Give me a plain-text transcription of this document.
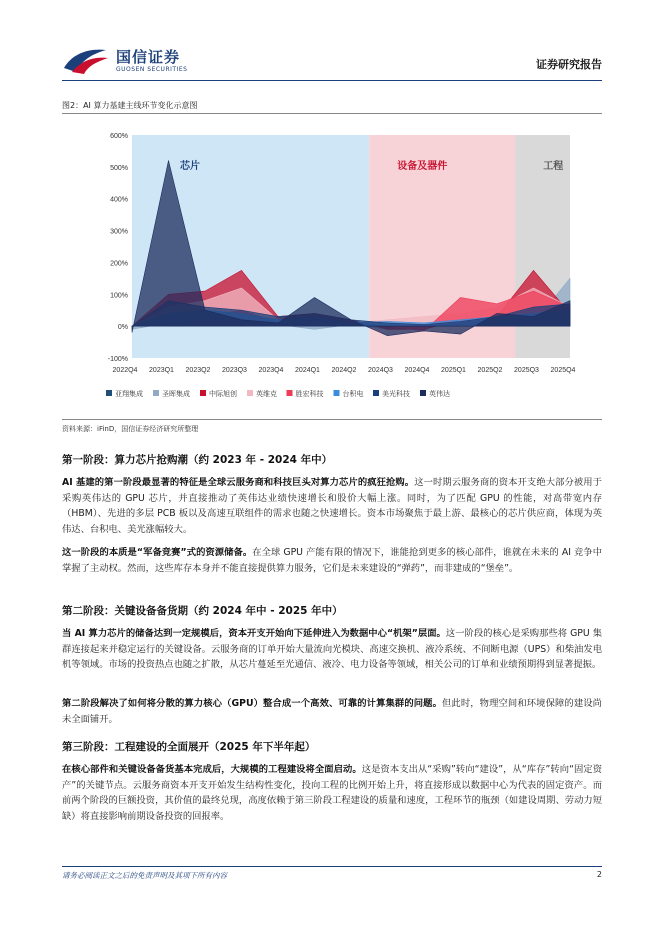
国信证券
GUOSEN SECURITIES	证券研究报告
图2：AI 算力基建主线环节变化示意图
芯片	设备及器件	工程
600%
500%
400%
300%
200%
100%
0%
-100%
2022Q4 2023Q1 2023Q2 2023Q3 2023Q4 2024Q1 2024Q2 2024Q3 2024Q4 2025Q1 2025Q2 2025Q3 2025Q4
亚翔集成	圣晖集成	中际旭创	英维克	胜宏科技	台积电	美光科技	英伟达
资料来源：iFinD，国信证券经济研究所整理
第一阶段：算力芯片抢购潮（约 2023 年 - 2024 年中）
AI 基建的第一阶段最显著的特征是全球云服务商和科技巨头对算力芯片的疯狂抢购。这一时期云服务商的资本开支绝大部分被用于采购英伟达的 GPU 芯片，并直接推动了英伟达业绩快速增长和股价大幅上涨。同时，为了匹配 GPU 的性能，对高带宽内存（HBM）、先进的多层 PCB 板以及高速互联组件的需求也随之快速增长。资本市场聚焦于最上游、最核心的芯片供应商，体现为英伟达、台积电、美光涨幅较大。
这一阶段的本质是“军备竞赛”式的资源储备。在全球 GPU 产能有限的情况下，谁能抢到更多的核心部件，谁就在未来的 AI 竞争中掌握了主动权。然而，这些库存本身并不能直接提供算力服务，它们是未来建设的“弹药”，而非建成的“堡垒”。
第二阶段：关键设备备货期（约 2024 年中 - 2025 年中）
当 AI 算力芯片的储备达到一定规模后，资本开支开始向下延伸进入为数据中心“机架”层面。这一阶段的核心是采购那些将 GPU 集群连接起来并稳定运行的关键设备。云服务商的订单开始大量流向光模块、高速交换机、液冷系统、不间断电源（UPS）和柴油发电机等领域。市场的投资热点也随之扩散，从芯片蔓延至光通信、液冷、电力设备等领域，相关公司的订单和业绩预期得到显著提振。
第二阶段解决了如何将分散的算力核心（GPU）整合成一个高效、可靠的计算集群的问题。但此时，物理空间和环境保障的建设尚未全面铺开。
第三阶段：工程建设的全面展开（2025 年下半年起）
在核心部件和关键设备备货基本完成后，大规模的工程建设将全面启动。这是资本支出从“采购”转向“建设”，从“库存”转向“固定资产”的关键节点。云服务商资本开支开始发生结构性变化，投向工程的比例开始上升，将直接形成以数据中心为代表的固定资产。而前两个阶段的巨额投资，其价值的最终兑现，高度依赖于第三阶段工程建设的质量和速度，工程环节的瓶颈（如建设周期、劳动力短缺）将直接影响前期设备投资的回报率。
请务必阅读正文之后的免责声明及其项下所有内容	2
